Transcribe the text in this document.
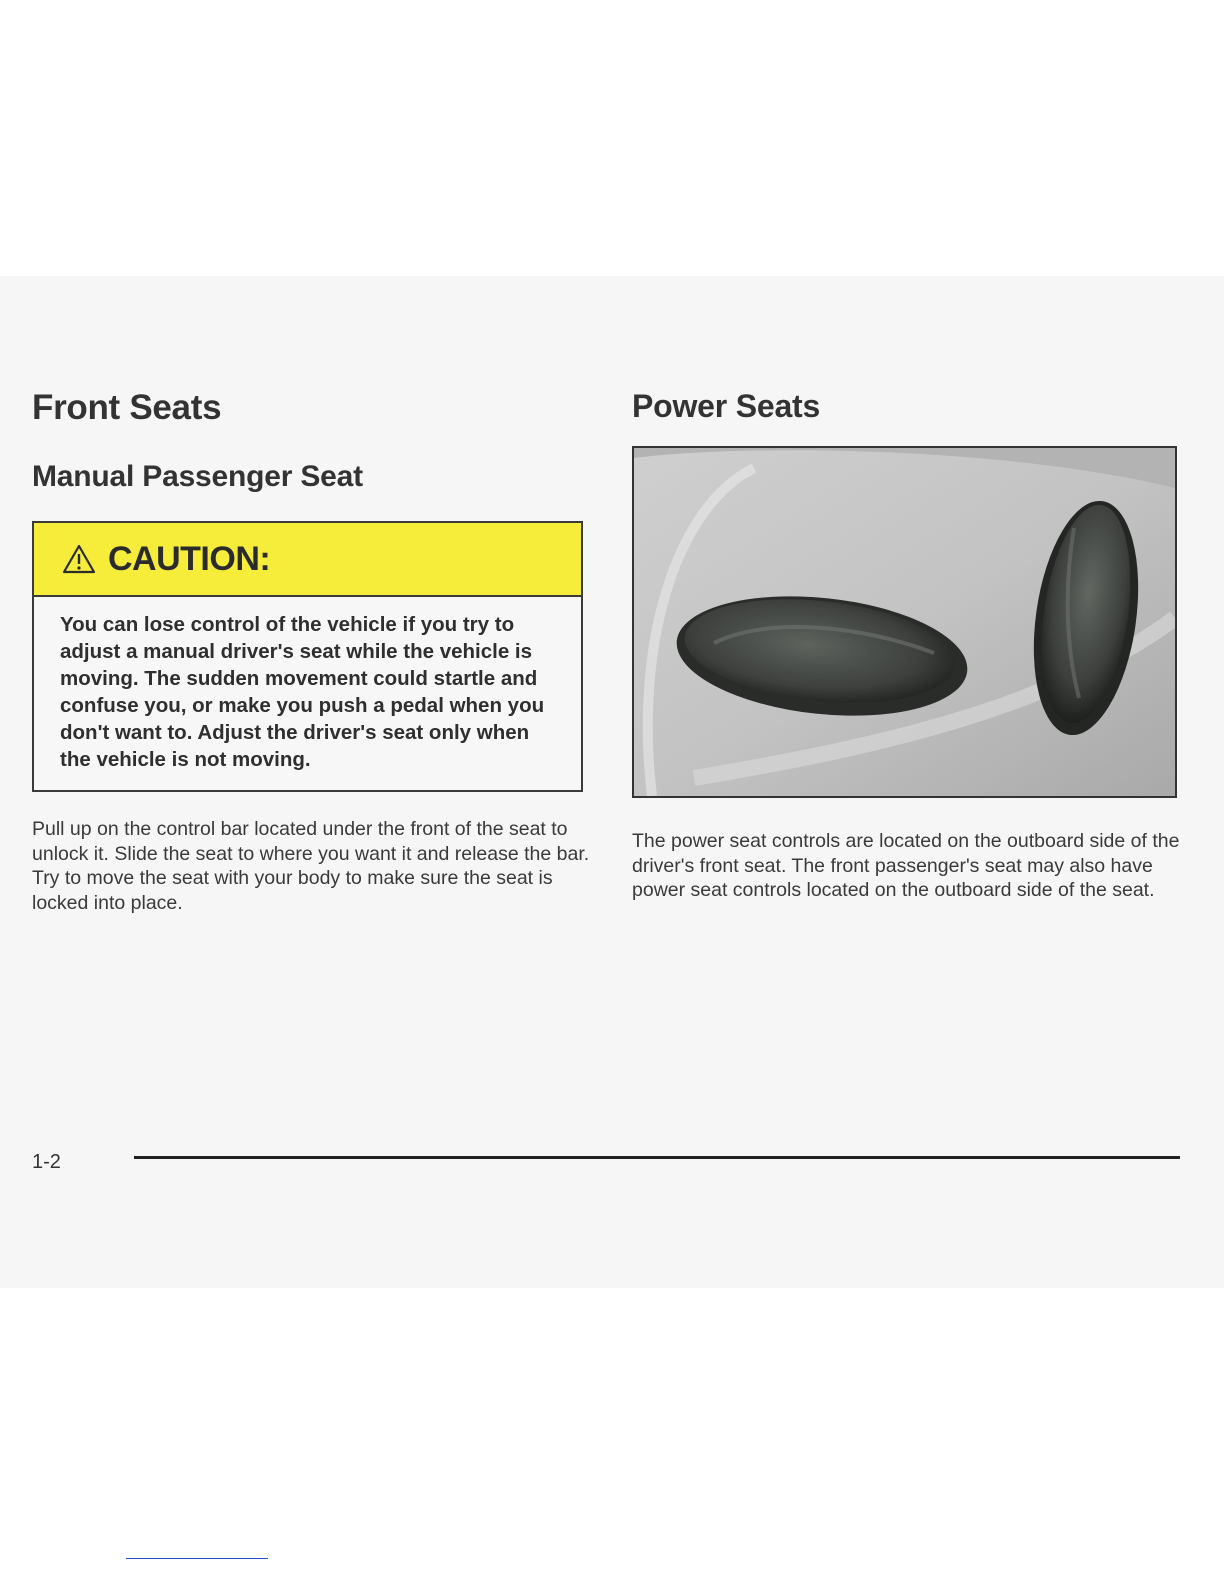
Front Seats
Manual Passenger Seat
CAUTION:
You can lose control of the vehicle if you try to adjust a manual driver's seat while the vehicle is moving. The sudden movement could startle and confuse you, or make you push a pedal when you don't want to. Adjust the driver's seat only when the vehicle is not moving.

Pull up on the control bar located under the front of the seat to unlock it. Slide the seat to where you want it and release the bar. Try to move the seat with your body to make sure the seat is locked into place.

Power Seats

The power seat controls are located on the outboard side of the driver's front seat. The front passenger's seat may also have power seat controls located on the outboard side of the seat.

1-2
